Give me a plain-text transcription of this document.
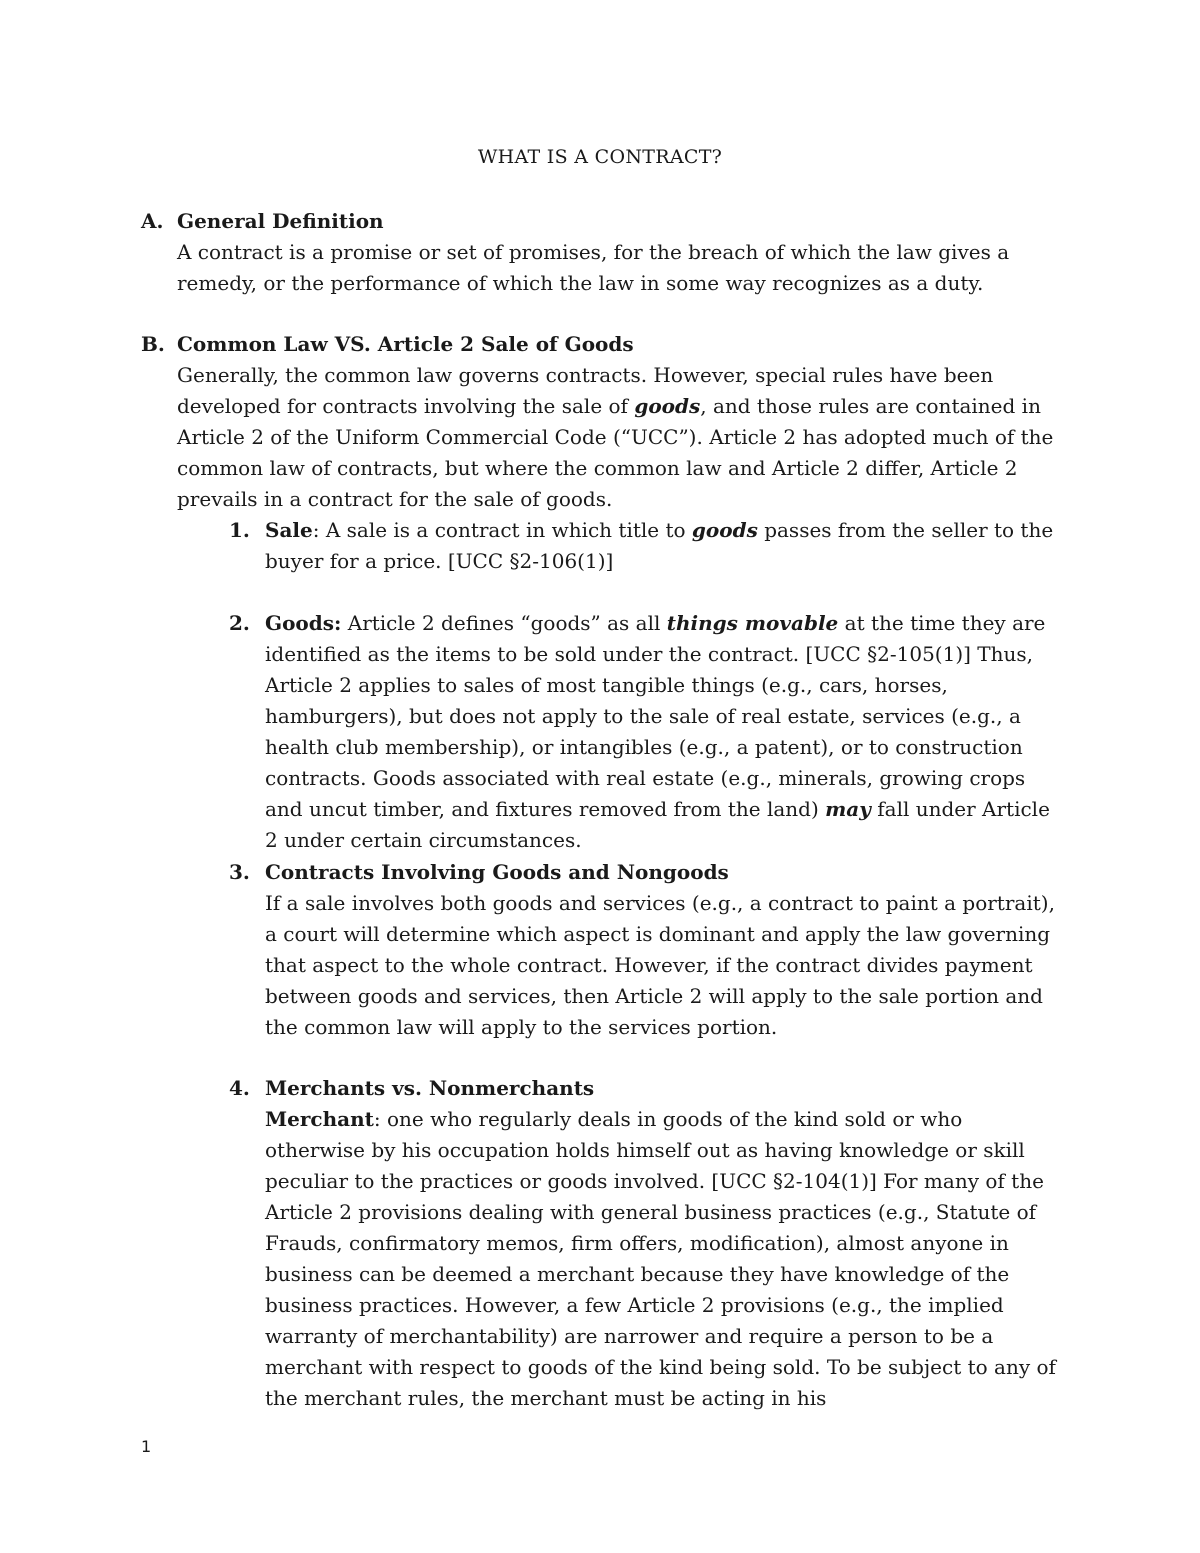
WHAT IS A CONTRACT?
A. General Definition
A contract is a promise or set of promises, for the breach of which the law gives a remedy, or the performance of which the law in some way recognizes as a duty.
B. Common Law VS. Article 2 Sale of Goods
Generally, the common law governs contracts. However, special rules have been developed for contracts involving the sale of goods, and those rules are contained in Article 2 of the Uniform Commercial Code (“UCC”). Article 2 has adopted much of the common law of contracts, but where the common law and Article 2 differ, Article 2 prevails in a contract for the sale of goods.
1. Sale: A sale is a contract in which title to goods passes from the seller to the buyer for a price. [UCC §2-106(1)]
2. Goods: Article 2 defines “goods” as all things movable at the time they are identified as the items to be sold under the contract. [UCC §2-105(1)] Thus, Article 2 applies to sales of most tangible things (e.g., cars, horses, hamburgers), but does not apply to the sale of real estate, services (e.g., a health club membership), or intangibles (e.g., a patent), or to construction contracts. Goods associated with real estate (e.g., minerals, growing crops and uncut timber, and fixtures removed from the land) may fall under Article 2 under certain circumstances.
3. Contracts Involving Goods and Nongoods
If a sale involves both goods and services (e.g., a contract to paint a portrait), a court will determine which aspect is dominant and apply the law governing that aspect to the whole contract. However, if the contract divides payment between goods and services, then Article 2 will apply to the sale portion and the common law will apply to the services portion.
4. Merchants vs. Nonmerchants
Merchant: one who regularly deals in goods of the kind sold or who otherwise by his occupation holds himself out as having knowledge or skill peculiar to the practices or goods involved. [UCC §2-104(1)] For many of the Article 2 provisions dealing with general business practices (e.g., Statute of Frauds, confirmatory memos, firm offers, modification), almost anyone in business can be deemed a merchant because they have knowledge of the business practices. However, a few Article 2 provisions (e.g., the implied warranty of merchantability) are narrower and require a person to be a merchant with respect to goods of the kind being sold. To be subject to any of the merchant rules, the merchant must be acting in his
1
